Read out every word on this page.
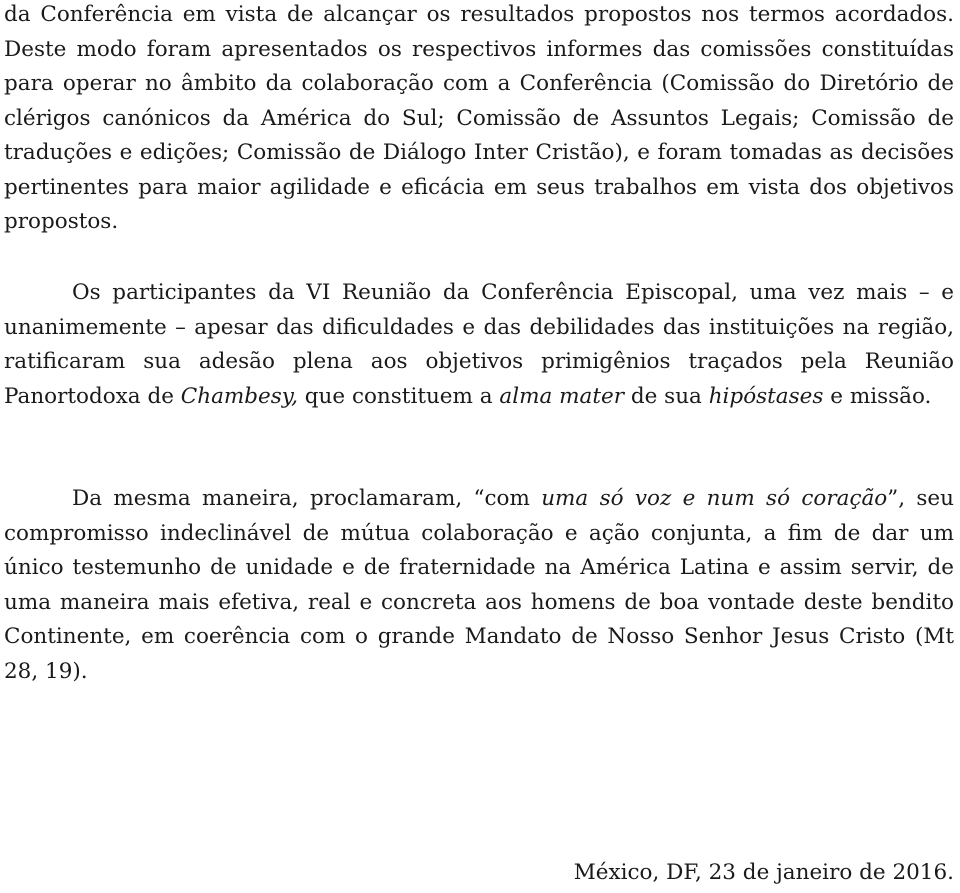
da Conferência em vista de alcançar os resultados propostos nos termos acordados. Deste modo foram apresentados os respectivos informes das comissões constituídas para operar no âmbito da colaboração com a Conferência (Comissão do Diretório de clérigos canónicos da América do Sul; Comissão de Assuntos Legais; Comissão de traduções e edições; Comissão de Diálogo Inter Cristão), e foram tomadas as decisões pertinentes para maior agilidade e eficácia em seus trabalhos em vista dos objetivos propostos.

Os participantes da VI Reunião da Conferência Episcopal, uma vez mais – e unanimemente – apesar das dificuldades e das debilidades das instituições na região, ratificaram sua adesão plena aos objetivos primigênios traçados pela Reunião Panortodoxa de Chambesy, que constituem a alma mater de sua hipóstases e missão.

Da mesma maneira, proclamaram, “com uma só voz e num só coração”, seu compromisso indeclinável de mútua colaboração e ação conjunta, a fim de dar um único testemunho de unidade e de fraternidade na América Latina e assim servir, de uma maneira mais efetiva, real e concreta aos homens de boa vontade deste bendito Continente, em coerência com o grande Mandato de Nosso Senhor Jesus Cristo (Mt 28, 19).

México, DF, 23 de janeiro de 2016.
